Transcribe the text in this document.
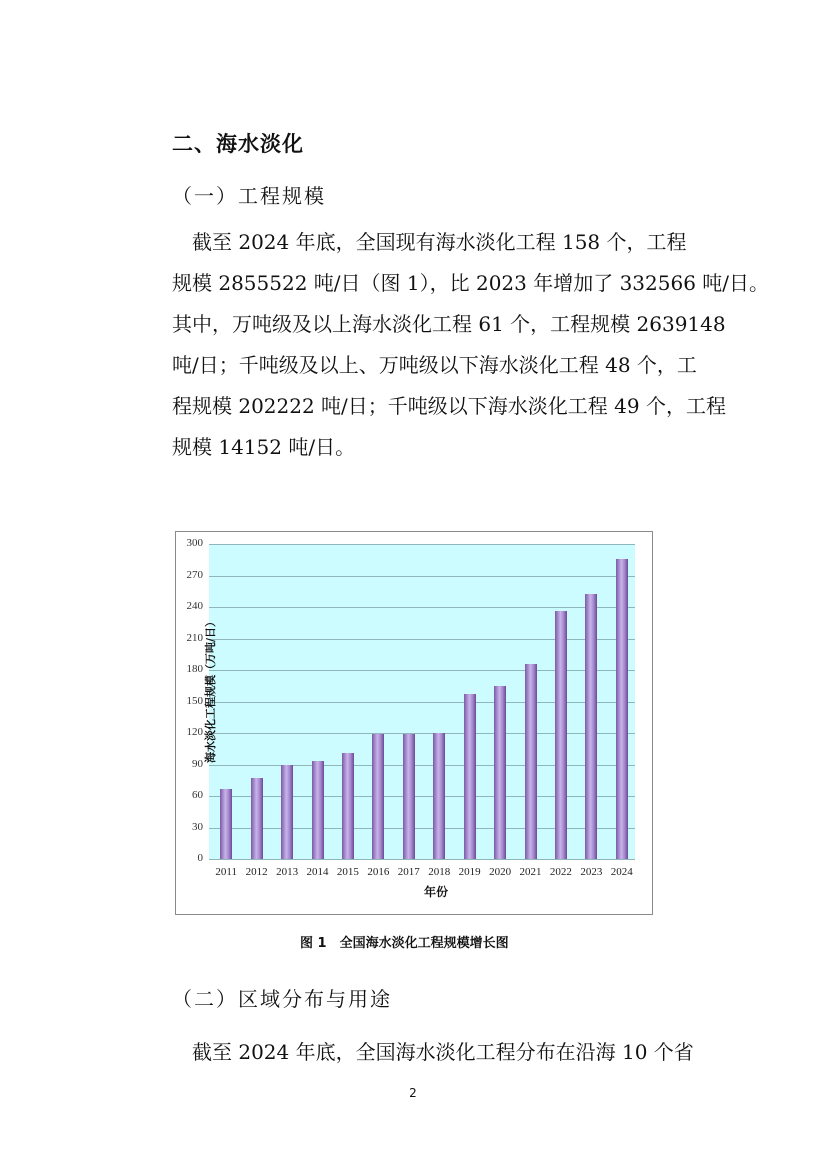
二、海水淡化
（一）工程规模
　截至 2024 年底，全国现有海水淡化工程 158 个，工程
规模 2855522 吨/日（图 1），比 2023 年增加了 332566 吨/日。
其中，万吨级及以上海水淡化工程 61 个，工程规模 2639148
吨/日；千吨级及以上、万吨级以下海水淡化工程 48 个，工
程规模 202222 吨/日；千吨级以下海水淡化工程 49 个，工程
规模 14152 吨/日。
0
30
60
90
120
150
180
210
240
270
300
2011 2012 2013 2014 2015 2016 2017 2018 2019 2020 2021 2022 2023 2024
海水淡化工程规模（万吨/日）
年份
图 1　全国海水淡化工程规模增长图
（二）区域分布与用途
　截至 2024 年底，全国海水淡化工程分布在沿海 10 个省
2
